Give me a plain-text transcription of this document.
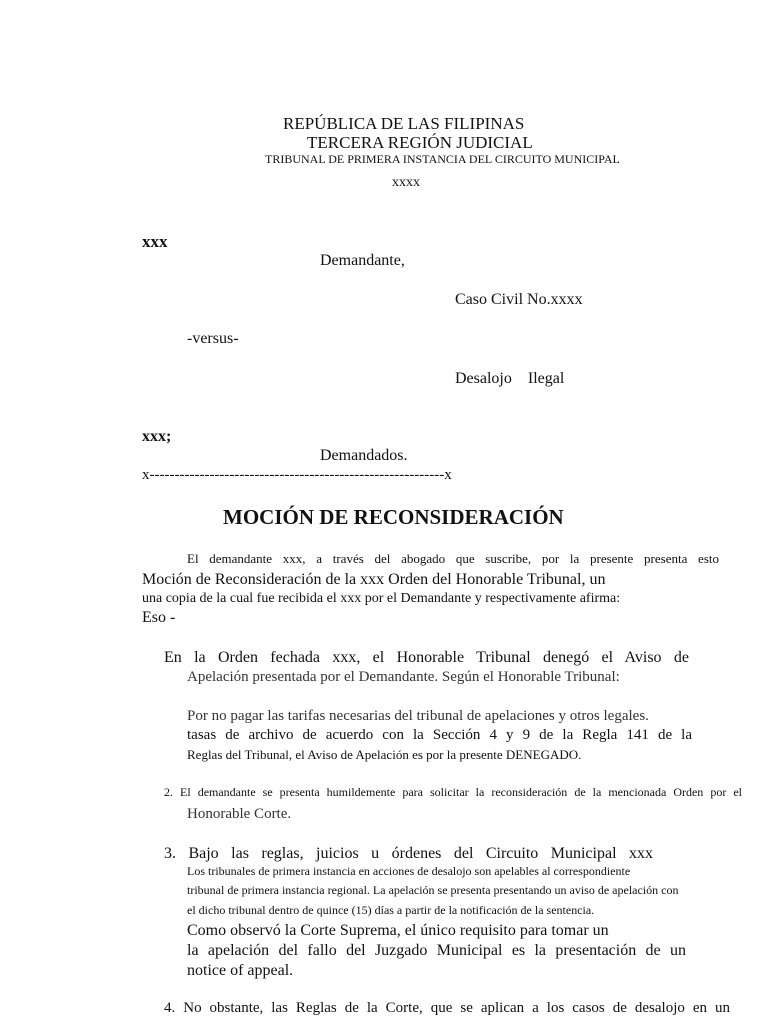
REPÚBLICA DE LAS FILIPINAS
TERCERA REGIÓN JUDICIAL
TRIBUNAL DE PRIMERA INSTANCIA DEL CIRCUITO MUNICIPAL
xxxx
xxx
Demandante,
Caso Civil No.xxxx
-versus-
Desalojo    Ilegal
xxx;
Demandados.
x-----------------------------------------------------------x
MOCIÓN DE RECONSIDERACIÓN
El demandante xxx, a través del abogado que suscribe, por la presente presenta esto
Moción de Reconsideración de la xxx Orden del Honorable Tribunal, un
una copia de la cual fue recibida el xxx por el Demandante y respectivamente afirma:
Eso -
En la Orden fechada xxx, el Honorable Tribunal denegó el Aviso de
Apelación presentada por el Demandante. Según el Honorable Tribunal:
Por no pagar las tarifas necesarias del tribunal de apelaciones y otros legales.
tasas de archivo de acuerdo con la Sección 4 y 9 de la Regla 141 de la
Reglas del Tribunal, el Aviso de Apelación es por la presente DENEGADO.
2. El demandante se presenta humildemente para solicitar la reconsideración de la mencionada Orden por el
Honorable Corte.
3. Bajo las reglas, juicios u órdenes del Circuito Municipal xxx
Los tribunales de primera instancia en acciones de desalojo son apelables al correspondiente
tribunal de primera instancia regional. La apelación se presenta presentando un aviso de apelación con
el dicho tribunal dentro de quince (15) días a partir de la notificación de la sentencia.
Como observó la Corte Suprema, el único requisito para tomar un
la apelación del fallo del Juzgado Municipal es la presentación de un
notice of appeal.
4. No obstante, las Reglas de la Corte, que se aplican a los casos de desalojo en un
